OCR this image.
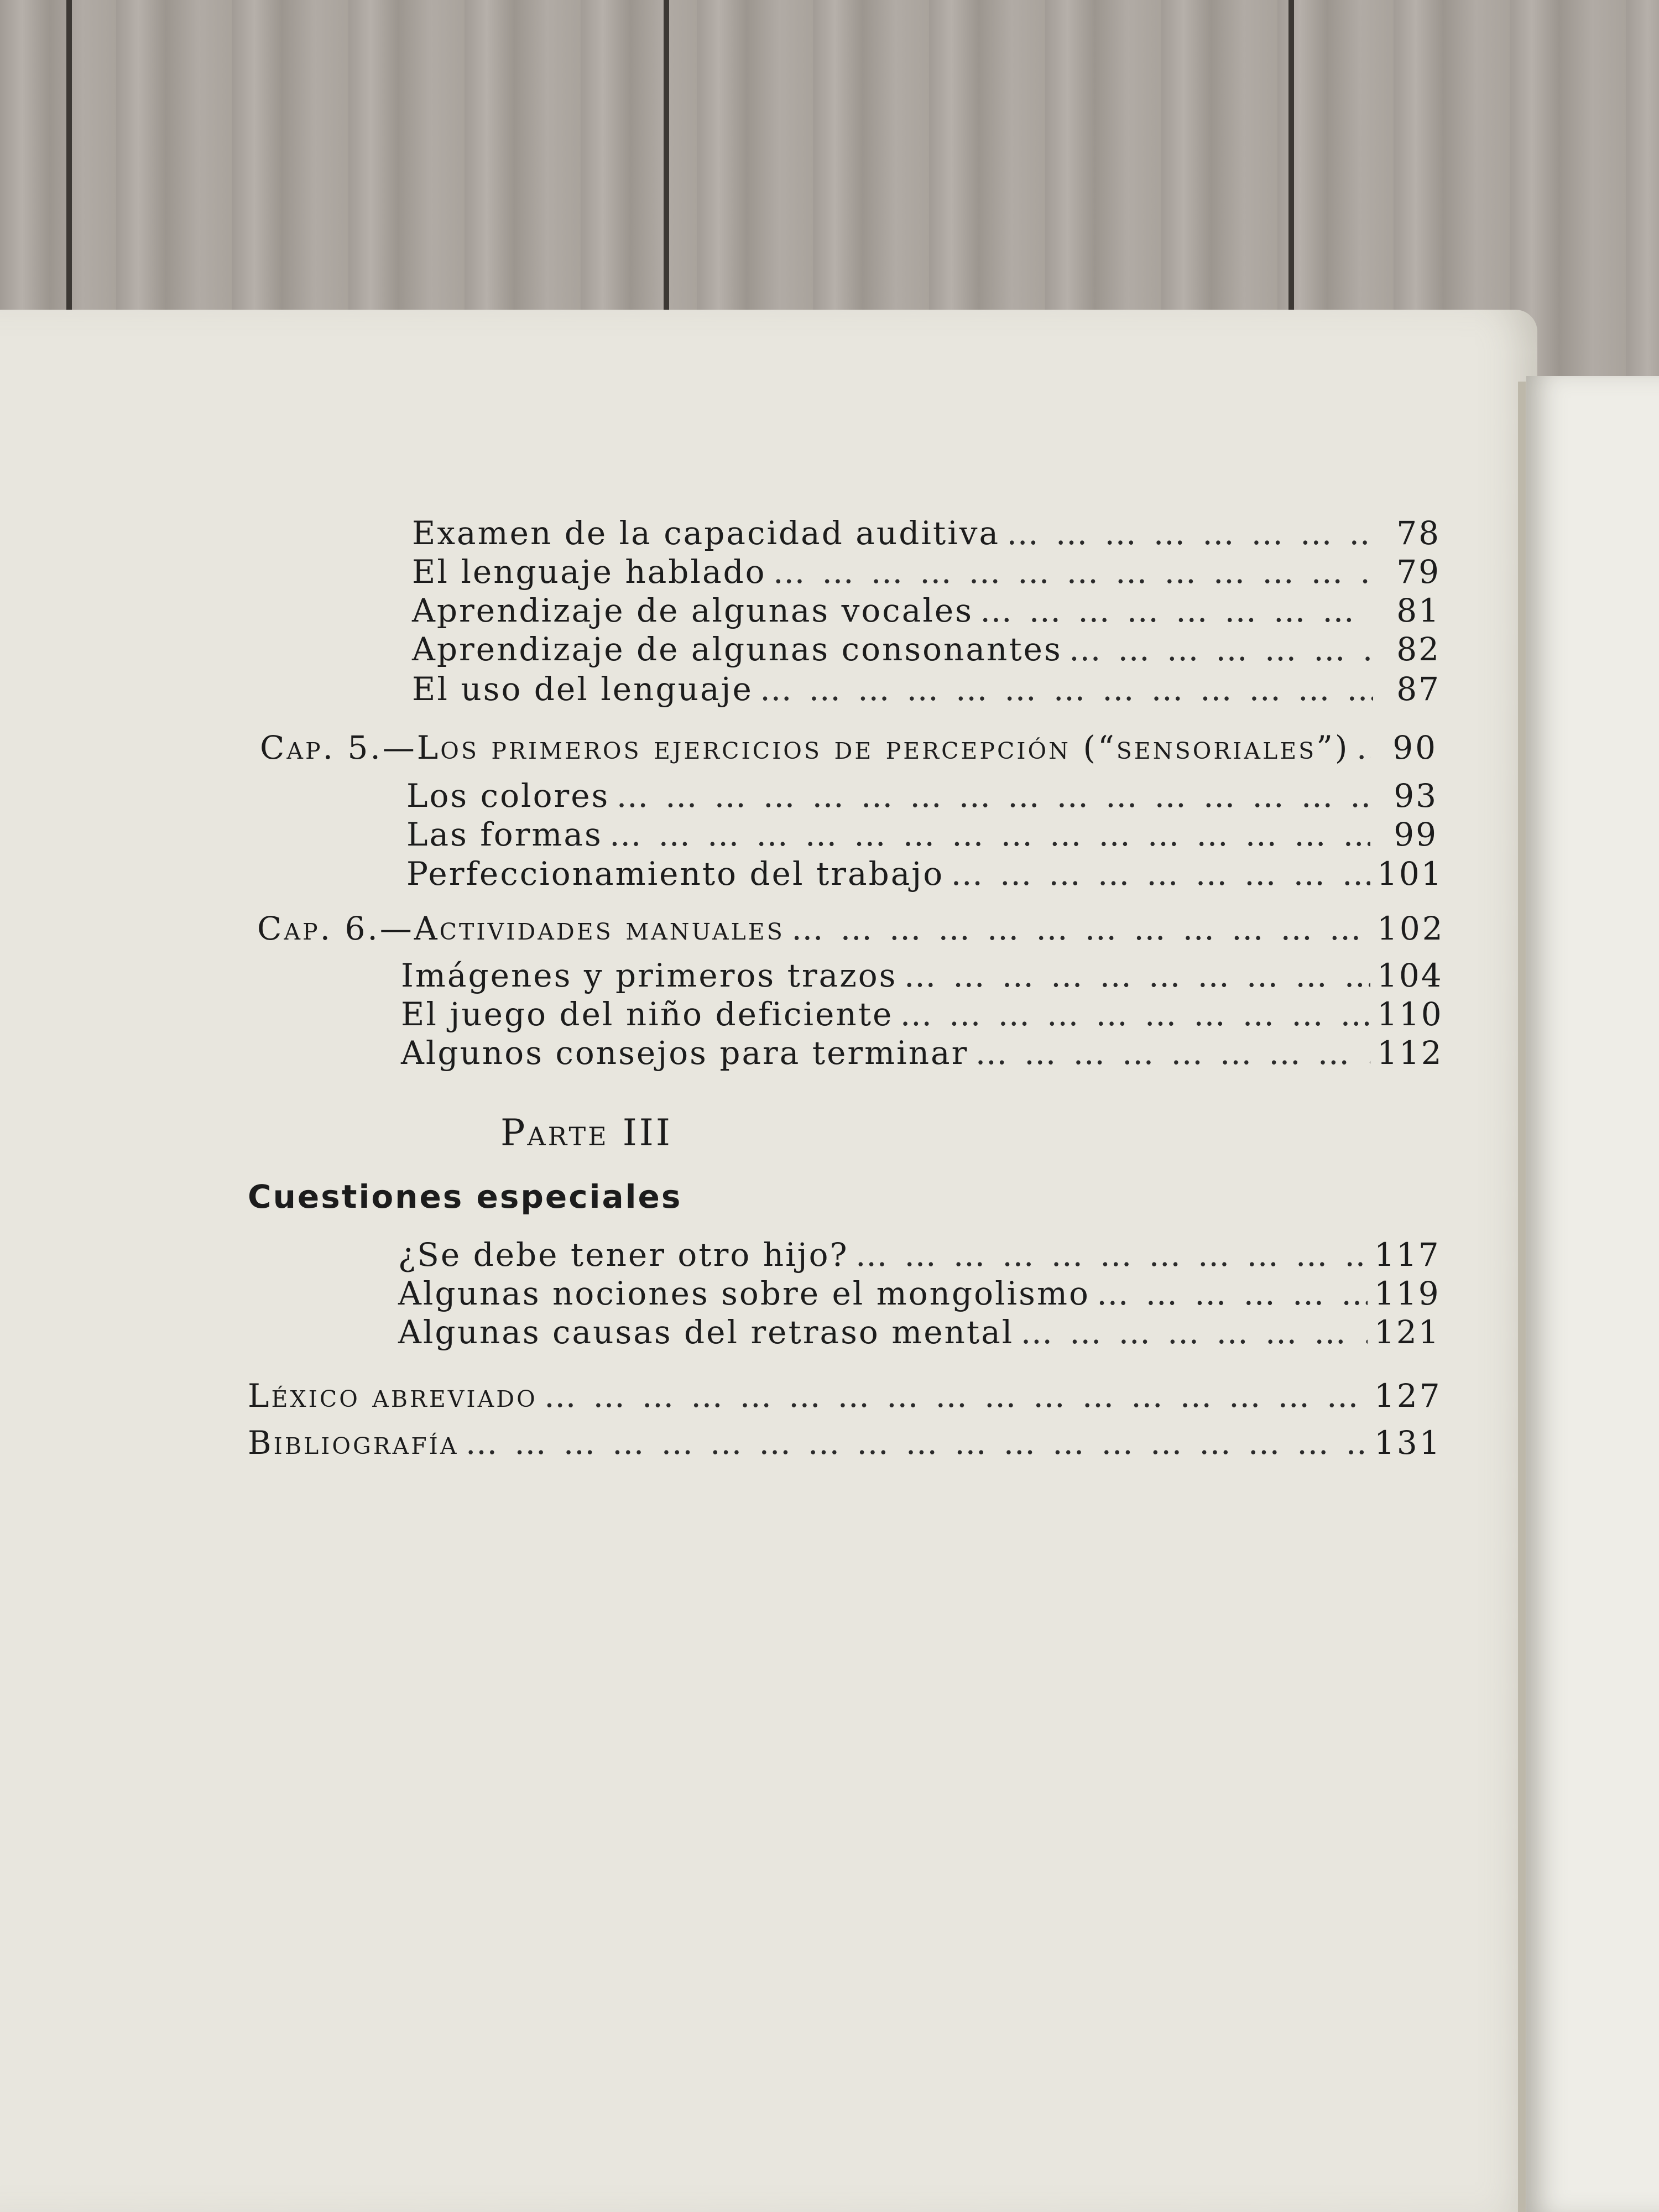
Examen de la capacidad auditiva … … … … … … … … … … … … … … … … … … … … … … … … … … … … … … … … …	78
El lenguaje hablado … … … … … … … … … … … … … … … … … … … … … … … … … … … … … … … … …	79
Aprendizaje de algunas vocales … … … … … … … … … … … … … … … … … … … … … … … … … … … … … … … … …	81
Aprendizaje de algunas consonantes … … … … … … … … … … … … … … … … … … … … … … … … … … … … … … … … …	82
El uso del lenguaje … … … … … … … … … … … … … … … … … … … … … … … … … … … … … … … … …	87
Cap. 5.—Los primeros ejercicios de percepción (“sensoriales”) … … … … … … … … … … … … … … … … … … … … … … … … … … … … … … … … …	90
Los colores … … … … … … … … … … … … … … … … … … … … … … … … … … … … … … … … …	93
Las formas … … … … … … … … … … … … … … … … … … … … … … … … … … … … … … … … …	99
Perfeccionamiento del trabajo … … … … … … … … … … … … … … … … … … … … … … … … … … … … … … … … …	101
Cap. 6.—Actividades manuales … … … … … … … … … … … … … … … … … … … … … … … … … … … … … … … … …	102
Imágenes y primeros trazos … … … … … … … … … … … … … … … … … … … … … … … … … … … … … … … … …	104
El juego del niño deficiente … … … … … … … … … … … … … … … … … … … … … … … … … … … … … … … … …	110
Algunos consejos para terminar … … … … … … … … … … … … … … … … … … … … … … … … … … … … … … … … …	112
Parte III
Cuestiones especiales
¿Se debe tener otro hijo? … … … … … … … … … … … … … … … … … … … … … … … … … … … … … … … … …	117
Algunas nociones sobre el mongolismo … … … … … … … … … … … … … … … … … … … … … … … … … … … … … … … … …	119
Algunas causas del retraso mental … … … … … … … … … … … … … … … … … … … … … … … … … … … … … … … … …	121
Léxico abreviado … … … … … … … … … … … … … … … … … … … … … … … … … … … … … … … … …	127
Bibliografía … … … … … … … … … … … … … … … … … … … … … … … … … … … … … … … … …	131
